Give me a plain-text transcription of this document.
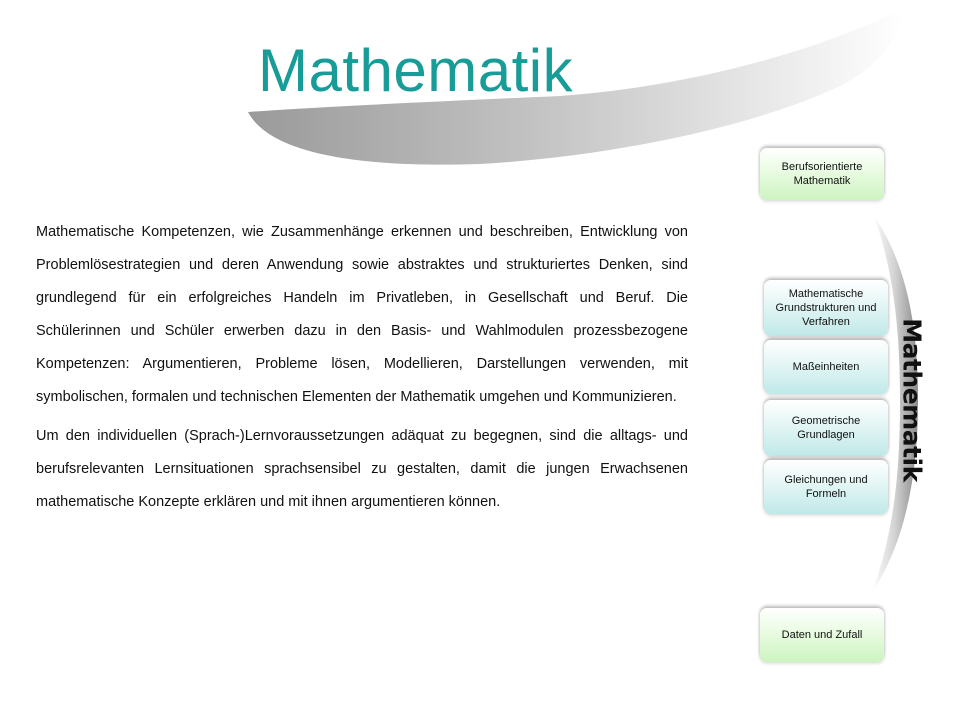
Mathematik

Mathematische Kompetenzen, wie Zusammenhänge erkennen und beschreiben, Entwicklung von Problemlösestrategien und deren Anwendung sowie abstraktes und strukturiertes Denken, sind grundlegend für ein erfolgreiches Handeln im Privatleben, in Gesellschaft und Beruf. Die Schülerinnen und Schüler erwerben dazu in den Basis- und Wahlmodulen prozessbezogene Kompetenzen: Argumentieren, Probleme lösen, Modellieren, Darstellungen verwenden, mit symbolischen, formalen und technischen Elementen der Mathematik umgehen und Kommunizieren.

Um den individuellen (Sprach-)Lernvoraussetzungen adäquat zu begegnen, sind die alltags- und berufsrelevanten Lernsituationen sprachsensibel zu gestalten, damit die jungen Erwachsenen mathematische Konzepte erklären und mit ihnen argumentieren können.

Mathematik
Berufsorientierte Mathematik
Mathematische Grundstrukturen und Verfahren
Maßeinheiten
Geometrische Grundlagen
Gleichungen und Formeln
Daten und Zufall
